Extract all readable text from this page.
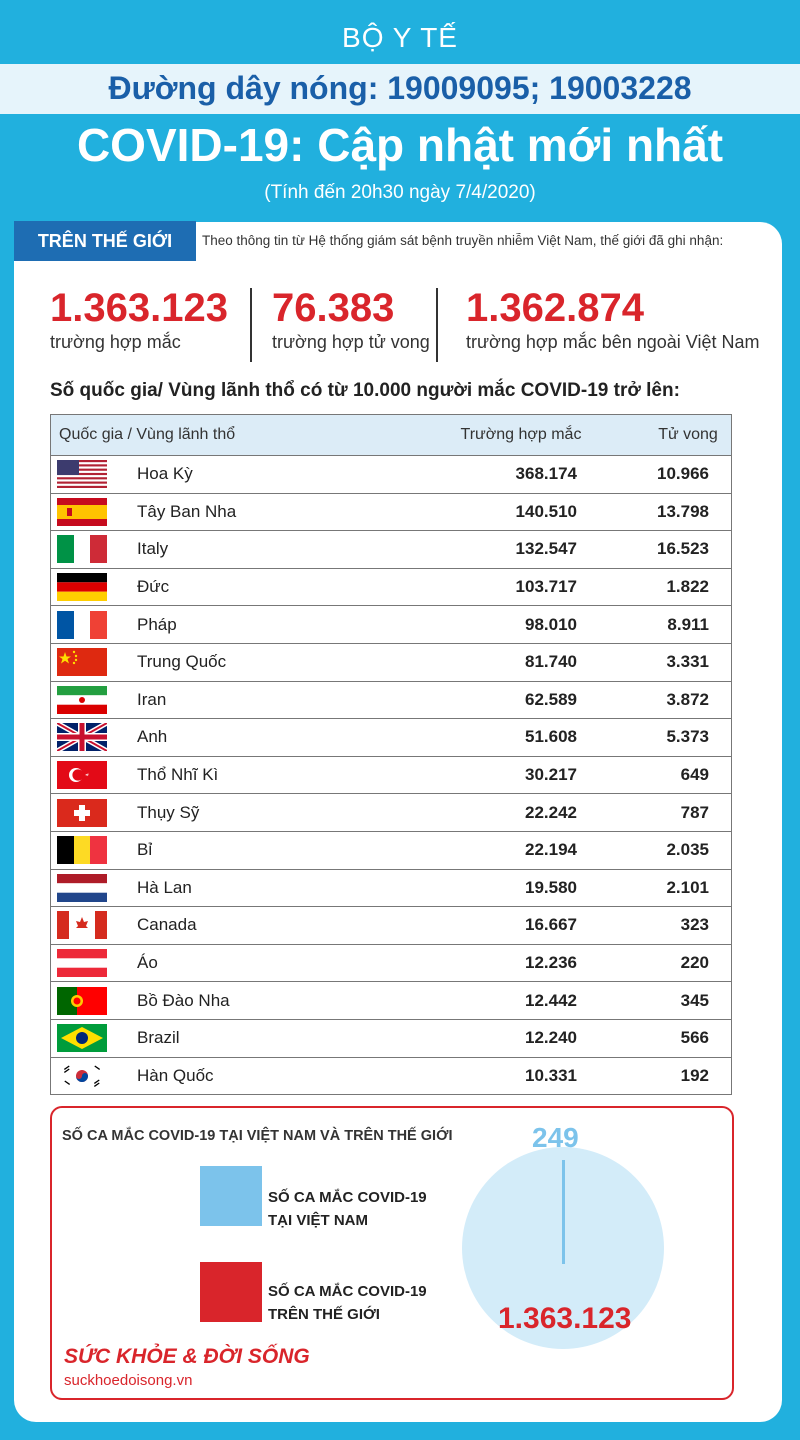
BỘ Y TẾ
Đường dây nóng: 19009095; 19003228
COVID-19: Cập nhật mới nhất
(Tính đến 20h30 ngày 7/4/2020)
TRÊN THẾ GIỚI	Theo thông tin từ Hệ thống giám sát bệnh truyền nhiễm Việt Nam, thế giới đã ghi nhận:
1.363.123
trường hợp mắc
76.383
trường hợp tử vong
1.362.874
trường hợp mắc bên ngoài Việt Nam
Số quốc gia/ Vùng lãnh thổ có từ 10.000 người mắc COVID-19 trở lên:
Quốc gia / Vùng lãnh thổ		Trường hợp mắc	Tử vong
	Hoa Kỳ	368.174	10.966
	Tây Ban Nha	140.510	13.798
	Italy	132.547	16.523
	Đức	103.717	1.822
	Pháp	98.010	8.911
	Trung Quốc	81.740	3.331
	Iran	62.589	3.872
	Anh	51.608	5.373
	Thổ Nhĩ Kì	30.217	649
	Thụy Sỹ	22.242	787
	Bỉ	22.194	2.035
	Hà Lan	19.580	2.101
	Canada	16.667	323
	Áo	12.236	220
	Bồ Đào Nha	12.442	345
	Brazil	12.240	566
	Hàn Quốc	10.331	192
SỐ CA MẮC COVID-19 TẠI VIỆT NAM VÀ TRÊN THẾ GIỚI
SỐ CA MẮC COVID-19
TẠI VIỆT NAM
SỐ CA MẮC COVID-19
TRÊN THẾ GIỚI
249
1.363.123
SỨC KHỎE & ĐỜI SỐNG
suckhoedoisong.vn
